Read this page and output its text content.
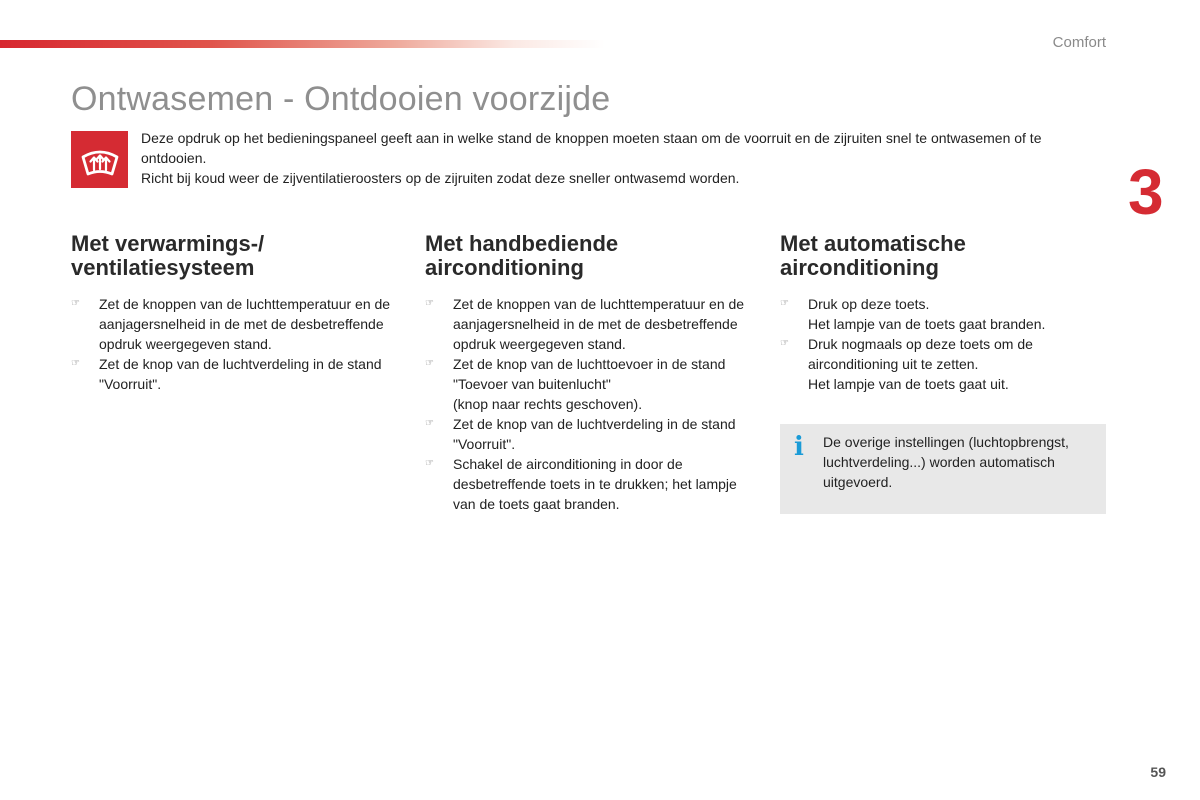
Comfort
Ontwasemen - Ontdooien voorzijde

Deze opdruk op het bedieningspaneel geeft aan in welke stand de knoppen moeten staan om de voorruit en de zijruiten snel te ontwasemen of te ontdooien.

Richt bij koud weer de zijventilatieroosters op de zijruiten zodat deze sneller ontwasemd worden.	3
Met verwarmings-/
ventilatiesysteem
☞	Zet de knoppen van de luchttemperatuur en de aanjagersnelheid in de met de desbetreffende opdruk weergegeven stand.
☞	Zet de knop van de luchtverdeling in de stand "Voorruit".
Met handbediende
airconditioning
☞	Zet de knoppen van de luchttemperatuur en de aanjagersnelheid in de met de desbetreffende opdruk weergegeven stand.
☞	Zet de knop van de luchttoevoer in de stand "Toevoer van buitenlucht"
(knop naar rechts geschoven).
☞	Zet de knop van de luchtverdeling in de stand "Voorruit".
☞	Schakel de airconditioning in door de desbetreffende toets in te drukken; het lampje van de toets gaat branden.
Met automatische
airconditioning
☞	Druk op deze toets.
Het lampje van de toets gaat branden.
☞	Druk nogmaals op deze toets om de airconditioning uit te zetten.
Het lampje van de toets gaat uit.
i De overige instellingen (luchtopbrengst, luchtverdeling...) worden automatisch uitgevoerd.
59
